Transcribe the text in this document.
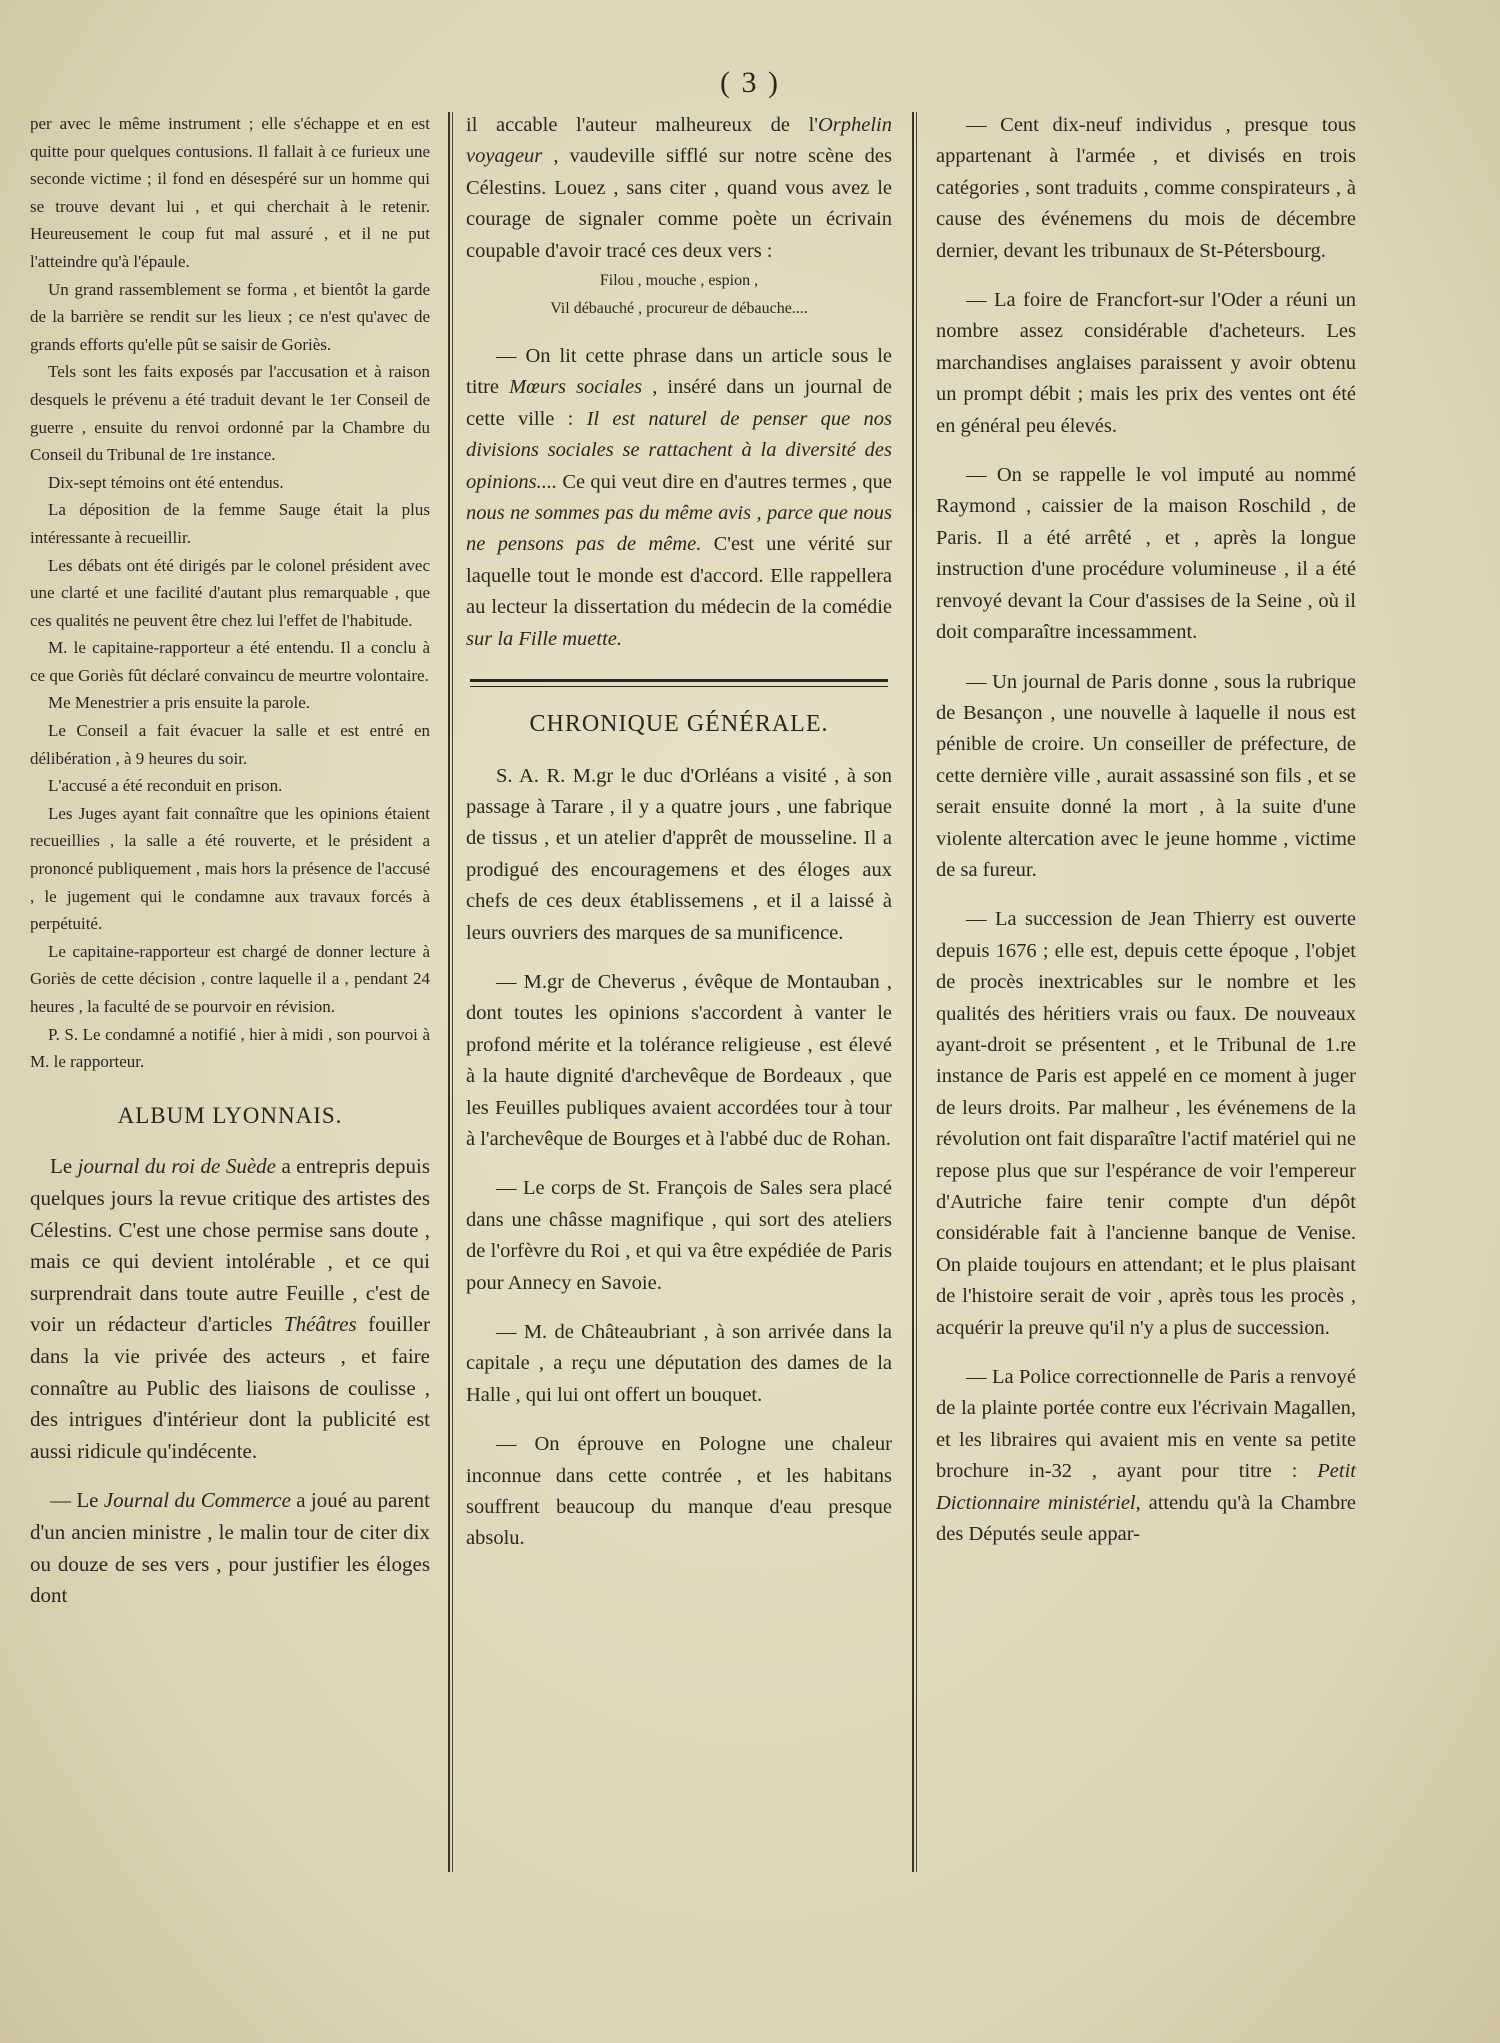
( 3 )

per avec le même instrument ; elle s'échappe et en est quitte pour quelques contusions. Il fallait à ce furieux une seconde victime ; il fond en désespéré sur un homme qui se trouve devant lui , et qui cherchait à le retenir. Heureusement le coup fut mal assuré , et il ne put l'atteindre qu'à l'épaule.

Un grand rassemblement se forma , et bientôt la garde de la barrière se rendit sur les lieux ; ce n'est qu'avec de grands efforts qu'elle pût se saisir de Goriès.

Tels sont les faits exposés par l'accusation et à raison desquels le prévenu a été traduit devant le 1er Conseil de guerre , ensuite du renvoi ordonné par la Chambre du Conseil du Tribunal de 1re instance.

Dix-sept témoins ont été entendus.

La déposition de la femme Sauge était la plus intéressante à recueillir.

Les débats ont été dirigés par le colonel président avec une clarté et une facilité d'autant plus remarquable , que ces qualités ne peuvent être chez lui l'effet de l'habitude.

M. le capitaine-rapporteur a été entendu. Il a conclu à ce que Goriès fût déclaré convaincu de meurtre volontaire.

Me Menestrier a pris ensuite la parole.

Le Conseil a fait évacuer la salle et est entré en délibération , à 9 heures du soir.

L'accusé a été reconduit en prison.

Les Juges ayant fait connaître que les opinions étaient recueillies , la salle a été rouverte, et le président a prononcé publiquement , mais hors la présence de l'accusé , le jugement qui le condamne aux travaux forcés à perpétuité.

Le capitaine-rapporteur est chargé de donner lecture à Goriès de cette décision , contre laquelle il a , pendant 24 heures , la faculté de se pourvoir en révision.

P. S. Le condamné a notifié , hier à midi , son pourvoi à M. le rapporteur.

ALBUM LYONNAIS.

Le journal du roi de Suède a entrepris depuis quelques jours la revue critique des artistes des Célestins. C'est une chose permise sans doute , mais ce qui devient intolérable , et ce qui surprendrait dans toute autre Feuille , c'est de voir un rédacteur d'articles Théâtres fouiller dans la vie privée des acteurs , et faire connaître au Public des liaisons de coulisse , des intrigues d'intérieur dont la publicité est aussi ridicule qu'indécente.

— Le Journal du Commerce a joué au parent d'un ancien ministre , le malin tour de citer dix ou douze de ses vers , pour justifier les éloges dont

il accable l'auteur malheureux de l'Orphelin voyageur , vaudeville sifflé sur notre scène des Célestins. Louez , sans citer , quand vous avez le courage de signaler comme poète un écrivain coupable d'avoir tracé ces deux vers :

Filou , mouche , espion ,
Vil débauché , procureur de débauche....

— On lit cette phrase dans un article sous le titre Mœurs sociales , inséré dans un journal de cette ville : Il est naturel de penser que nos divisions sociales se rattachent à la diversité des opinions.... Ce qui veut dire en d'autres termes , que nous ne sommes pas du même avis , parce que nous ne pensons pas de même. C'est une vérité sur laquelle tout le monde est d'accord. Elle rappellera au lecteur la dissertation du médecin de la comédie sur la Fille muette.

CHRONIQUE GÉNÉRALE.

S. A. R. M.gr le duc d'Orléans a visité , à son passage à Tarare , il y a quatre jours , une fabrique de tissus , et un atelier d'apprêt de mousseline. Il a prodigué des encouragemens et des éloges aux chefs de ces deux établissemens , et il a laissé à leurs ouvriers des marques de sa munificence.

— M.gr de Cheverus , évêque de Montauban , dont toutes les opinions s'accordent à vanter le profond mérite et la tolérance religieuse , est élevé à la haute dignité d'archevêque de Bordeaux , que les Feuilles publiques avaient accordées tour à tour à l'archevêque de Bourges et à l'abbé duc de Rohan.

— Le corps de St. François de Sales sera placé dans une châsse magnifique , qui sort des ateliers de l'orfèvre du Roi , et qui va être expédiée de Paris pour Annecy en Savoie.

— M. de Châteaubriant , à son arrivée dans la capitale , a reçu une députation des dames de la Halle , qui lui ont offert un bouquet.

— On éprouve en Pologne une chaleur inconnue dans cette contrée , et les habitans souffrent beaucoup du manque d'eau presque absolu.

— Cent dix-neuf individus , presque tous appartenant à l'armée , et divisés en trois catégories , sont traduits , comme conspirateurs , à cause des événemens du mois de décembre dernier, devant les tribunaux de St-Pétersbourg.

— La foire de Francfort-sur l'Oder a réuni un nombre assez considérable d'acheteurs. Les marchandises anglaises paraissent y avoir obtenu un prompt débit ; mais les prix des ventes ont été en général peu élevés.

— On se rappelle le vol imputé au nommé Raymond , caissier de la maison Roschild , de Paris. Il a été arrêté , et , après la longue instruction d'une procédure volumineuse , il a été renvoyé devant la Cour d'assises de la Seine , où il doit comparaître incessamment.

— Un journal de Paris donne , sous la rubrique de Besançon , une nouvelle à laquelle il nous est pénible de croire. Un conseiller de préfecture, de cette dernière ville , aurait assassiné son fils , et se serait ensuite donné la mort , à la suite d'une violente altercation avec le jeune homme , victime de sa fureur.

— La succession de Jean Thierry est ouverte depuis 1676 ; elle est, depuis cette époque , l'objet de procès inextricables sur le nombre et les qualités des héritiers vrais ou faux. De nouveaux ayant-droit se présentent , et le Tribunal de 1.re instance de Paris est appelé en ce moment à juger de leurs droits. Par malheur , les événemens de la révolution ont fait disparaître l'actif matériel qui ne repose plus que sur l'espérance de voir l'empereur d'Autriche faire tenir compte d'un dépôt considérable fait à l'ancienne banque de Venise. On plaide toujours en attendant; et le plus plaisant de l'histoire serait de voir , après tous les procès , acquérir la preuve qu'il n'y a plus de succession.

— La Police correctionnelle de Paris a renvoyé de la plainte portée contre eux l'écrivain Magallen, et les libraires qui avaient mis en vente sa petite brochure in-32 , ayant pour titre : Petit Dictionnaire ministériel, attendu qu'à la Chambre des Députés seule appar-
